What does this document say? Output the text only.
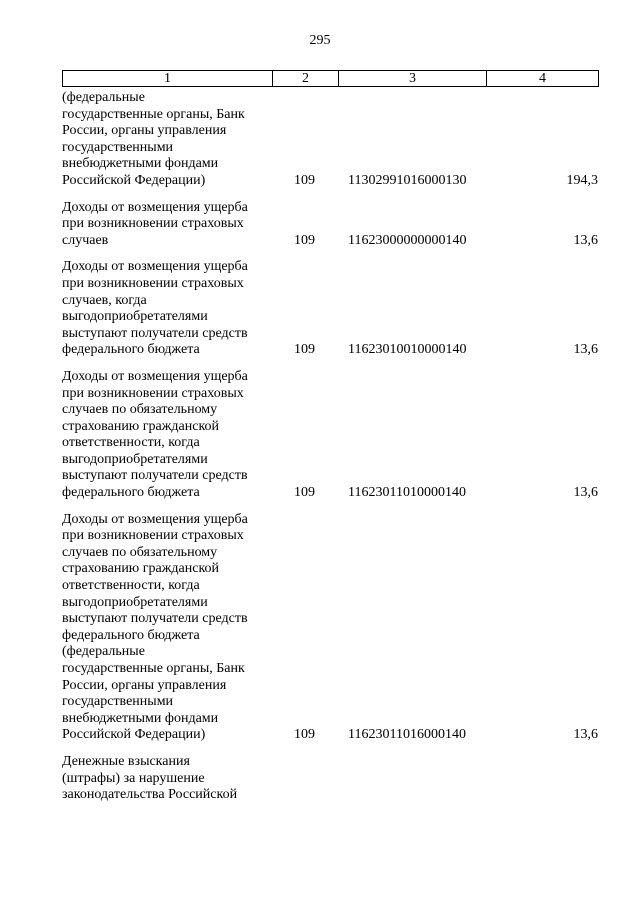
295
1	2	3	4
(федеральные
государственные органы, Банк
России, органы управления
государственными
внебюджетными фондами
Российской Федерации)	109 11302991016000130	194,3
Доходы от возмещения ущерба
при возникновении страховых
случаев	109 11623000000000140	13,6
Доходы от возмещения ущерба
при возникновении страховых
случаев, когда
выгодоприобретателями
выступают получатели средств
федерального бюджета	109 11623010010000140	13,6
Доходы от возмещения ущерба
при возникновении страховых
случаев по обязательному
страхованию гражданской
ответственности, когда
выгодоприобретателями
выступают получатели средств
федерального бюджета	109 11623011010000140	13,6
Доходы от возмещения ущерба
при возникновении страховых
случаев по обязательному
страхованию гражданской
ответственности, когда
выгодоприобретателями
выступают получатели средств
федерального бюджета
(федеральные
государственные органы, Банк
России, органы управления
государственными
внебюджетными фондами
Российской Федерации)	109 11623011016000140	13,6
Денежные взыскания
(штрафы) за нарушение
законодательства Российской
